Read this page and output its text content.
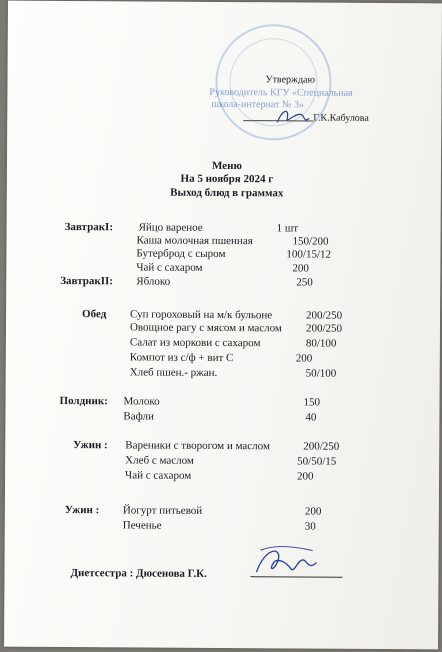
Утверждаю
Руководитель КГУ «Специальная
школа-интернат № 3»
Г.К.Кабулова
Меню
На 5 ноября 2024 г
Выход блюд в граммах
ЗавтракI: Яйцо вареное	1 шт
Каша молочная пшенная	150/200
Бутерброд с сыром	100/15/12
Чай с сахаром	200
ЗавтракII: Яблоко	250
Обед Суп гороховый на м/к бульоне	200/250
Овощное рагу с мясом и маслом 200/250
Салат из моркови с сахаром	80/100
Компот из с/ф + вит С	200
Хлеб пшен.- ржан.	50/100
Полдник: Молоко	150
Вафли	40
Ужин : Вареники с творогом и маслом	200/250
Хлеб с маслом	50/50/15
Чай с сахаром	200
Ужин : Йогурт питьевой	200
Печенье	30
Диетсестра : Дюсенова Г.К.
